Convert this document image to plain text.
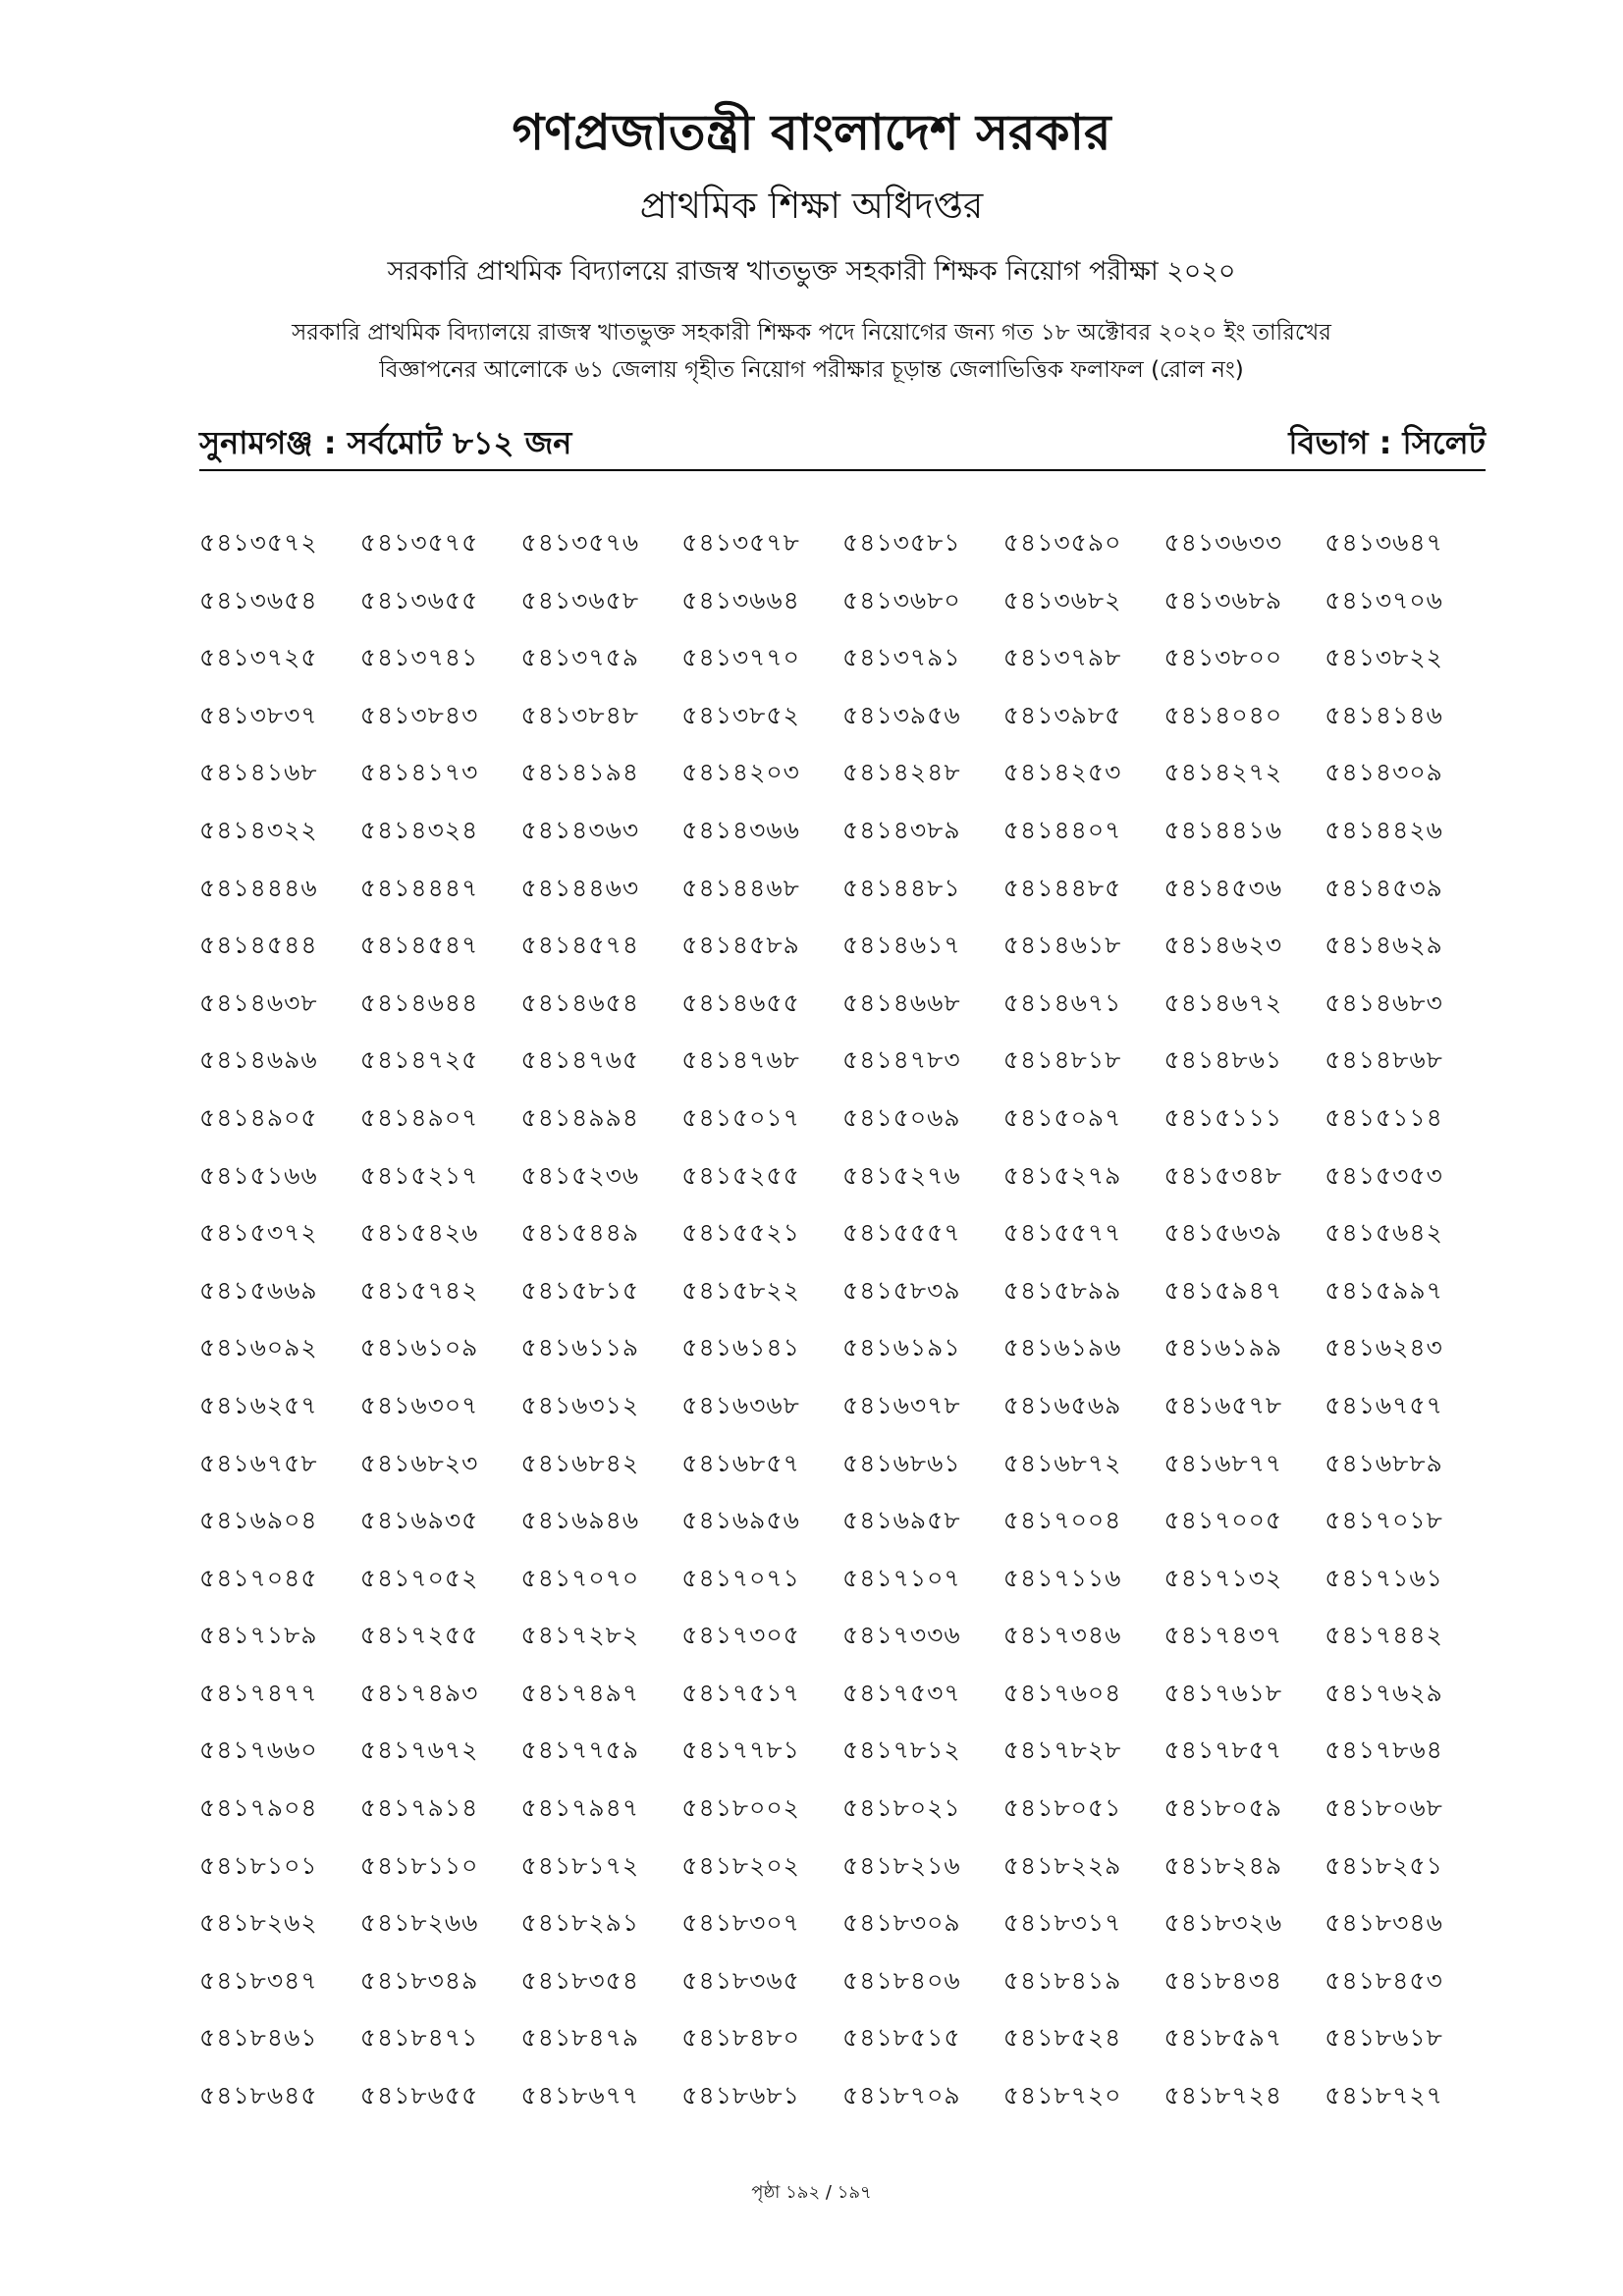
গণপ্রজাতন্ত্রী বাংলাদেশ সরকার

প্রাথমিক শিক্ষা অধিদপ্তর

সরকারি প্রাথমিক বিদ্যালয়ে রাজস্ব খাতভুক্ত সহকারী শিক্ষক নিয়োগ পরীক্ষা ২০২০

সরকারি প্রাথমিক বিদ্যালয়ে রাজস্ব খাতভুক্ত সহকারী শিক্ষক পদে নিয়োগের জন্য গত ১৮ অক্টোবর ২০২০ ইং তারিখের
বিজ্ঞাপনের আলোকে ৬১ জেলায় গৃহীত নিয়োগ পরীক্ষার চূড়ান্ত জেলাভিত্তিক ফলাফল (রোল নং)

সুনামগঞ্জ : সর্বমোট ৮১২ জন	বিভাগ : সিলেট
৫৪১৩৫৭২	৫৪১৩৫৭৫	৫৪১৩৫৭৬	৫৪১৩৫৭৮	৫৪১৩৫৮১	৫৪১৩৫৯০	৫৪১৩৬৩৩	৫৪১৩৬৪৭
৫৪১৩৬৫৪	৫৪১৩৬৫৫	৫৪১৩৬৫৮	৫৪১৩৬৬৪	৫৪১৩৬৮০	৫৪১৩৬৮২	৫৪১৩৬৮৯	৫৪১৩৭০৬
৫৪১৩৭২৫	৫৪১৩৭৪১	৫৪১৩৭৫৯	৫৪১৩৭৭০	৫৪১৩৭৯১	৫৪১৩৭৯৮	৫৪১৩৮০০	৫৪১৩৮২২
৫৪১৩৮৩৭	৫৪১৩৮৪৩	৫৪১৩৮৪৮	৫৪১৩৮৫২	৫৪১৩৯৫৬	৫৪১৩৯৮৫	৫৪১৪০৪০	৫৪১৪১৪৬
৫৪১৪১৬৮	৫৪১৪১৭৩	৫৪১৪১৯৪	৫৪১৪২০৩	৫৪১৪২৪৮	৫৪১৪২৫৩	৫৪১৪২৭২	৫৪১৪৩০৯
৫৪১৪৩২২	৫৪১৪৩২৪	৫৪১৪৩৬৩	৫৪১৪৩৬৬	৫৪১৪৩৮৯	৫৪১৪৪০৭	৫৪১৪৪১৬	৫৪১৪৪২৬
৫৪১৪৪৪৬	৫৪১৪৪৪৭	৫৪১৪৪৬৩	৫৪১৪৪৬৮	৫৪১৪৪৮১	৫৪১৪৪৮৫	৫৪১৪৫৩৬	৫৪১৪৫৩৯
৫৪১৪৫৪৪	৫৪১৪৫৪৭	৫৪১৪৫৭৪	৫৪১৪৫৮৯	৫৪১৪৬১৭	৫৪১৪৬১৮	৫৪১৪৬২৩	৫৪১৪৬২৯
৫৪১৪৬৩৮	৫৪১৪৬৪৪	৫৪১৪৬৫৪	৫৪১৪৬৫৫	৫৪১৪৬৬৮	৫৪১৪৬৭১	৫৪১৪৬৭২	৫৪১৪৬৮৩
৫৪১৪৬৯৬	৫৪১৪৭২৫	৫৪১৪৭৬৫	৫৪১৪৭৬৮	৫৪১৪৭৮৩	৫৪১৪৮১৮	৫৪১৪৮৬১	৫৪১৪৮৬৮
৫৪১৪৯০৫	৫৪১৪৯০৭	৫৪১৪৯৯৪	৫৪১৫০১৭	৫৪১৫০৬৯	৫৪১৫০৯৭	৫৪১৫১১১	৫৪১৫১১৪
৫৪১৫১৬৬	৫৪১৫২১৭	৫৪১৫২৩৬	৫৪১৫২৫৫	৫৪১৫২৭৬	৫৪১৫২৭৯	৫৪১৫৩৪৮	৫৪১৫৩৫৩
৫৪১৫৩৭২	৫৪১৫৪২৬	৫৪১৫৪৪৯	৫৪১৫৫২১	৫৪১৫৫৫৭	৫৪১৫৫৭৭	৫৪১৫৬৩৯	৫৪১৫৬৪২
৫৪১৫৬৬৯	৫৪১৫৭৪২	৫৪১৫৮১৫	৫৪১৫৮২২	৫৪১৫৮৩৯	৫৪১৫৮৯৯	৫৪১৫৯৪৭	৫৪১৫৯৯৭
৫৪১৬০৯২	৫৪১৬১০৯	৫৪১৬১১৯	৫৪১৬১৪১	৫৪১৬১৯১	৫৪১৬১৯৬	৫৪১৬১৯৯	৫৪১৬২৪৩
৫৪১৬২৫৭	৫৪১৬৩০৭	৫৪১৬৩১২	৫৪১৬৩৬৮	৫৪১৬৩৭৮	৫৪১৬৫৬৯	৫৪১৬৫৭৮	৫৪১৬৭৫৭
৫৪১৬৭৫৮	৫৪১৬৮২৩	৫৪১৬৮৪২	৫৪১৬৮৫৭	৫৪১৬৮৬১	৫৪১৬৮৭২	৫৪১৬৮৭৭	৫৪১৬৮৮৯
৫৪১৬৯০৪	৫৪১৬৯৩৫	৫৪১৬৯৪৬	৫৪১৬৯৫৬	৫৪১৬৯৫৮	৫৪১৭০০৪	৫৪১৭০০৫	৫৪১৭০১৮
৫৪১৭০৪৫	৫৪১৭০৫২	৫৪১৭০৭০	৫৪১৭০৭১	৫৪১৭১০৭	৫৪১৭১১৬	৫৪১৭১৩২	৫৪১৭১৬১
৫৪১৭১৮৯	৫৪১৭২৫৫	৫৪১৭২৮২	৫৪১৭৩০৫	৫৪১৭৩৩৬	৫৪১৭৩৪৬	৫৪১৭৪৩৭	৫৪১৭৪৪২
৫৪১৭৪৭৭	৫৪১৭৪৯৩	৫৪১৭৪৯৭	৫৪১৭৫১৭	৫৪১৭৫৩৭	৫৪১৭৬০৪	৫৪১৭৬১৮	৫৪১৭৬২৯
৫৪১৭৬৬০	৫৪১৭৬৭২	৫৪১৭৭৫৯	৫৪১৭৭৮১	৫৪১৭৮১২	৫৪১৭৮২৮	৫৪১৭৮৫৭	৫৪১৭৮৬৪
৫৪১৭৯০৪	৫৪১৭৯১৪	৫৪১৭৯৪৭	৫৪১৮০০২	৫৪১৮০২১	৫৪১৮০৫১	৫৪১৮০৫৯	৫৪১৮০৬৮
৫৪১৮১০১	৫৪১৮১১০	৫৪১৮১৭২	৫৪১৮২০২	৫৪১৮২১৬	৫৪১৮২২৯	৫৪১৮২৪৯	৫৪১৮২৫১
৫৪১৮২৬২	৫৪১৮২৬৬	৫৪১৮২৯১	৫৪১৮৩০৭	৫৪১৮৩০৯	৫৪১৮৩১৭	৫৪১৮৩২৬	৫৪১৮৩৪৬
৫৪১৮৩৪৭	৫৪১৮৩৪৯	৫৪১৮৩৫৪	৫৪১৮৩৬৫	৫৪১৮৪০৬	৫৪১৮৪১৯	৫৪১৮৪৩৪	৫৪১৮৪৫৩
৫৪১৮৪৬১	৫৪১৮৪৭১	৫৪১৮৪৭৯	৫৪১৮৪৮০	৫৪১৮৫১৫	৫৪১৮৫২৪	৫৪১৮৫৯৭	৫৪১৮৬১৮
৫৪১৮৬৪৫	৫৪১৮৬৫৫	৫৪১৮৬৭৭	৫৪১৮৬৮১	৫৪১৮৭০৯	৫৪১৮৭২০	৫৪১৮৭২৪	৫৪১৮৭২৭
পৃষ্ঠা ১৯২ / ১৯৭
